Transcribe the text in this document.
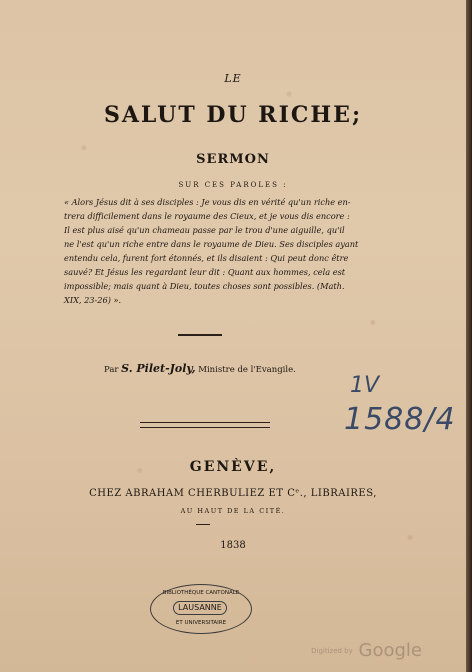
LE
SALUT DU RICHE;
SERMON
SUR CES PAROLES :
« Alors Jésus dit à ses disciples : Je vous dis en vérité qu'un riche en-
trera difficilement dans le royaume des Cieux, et je vous dis encore :
Il est plus aisé qu'un chameau passe par le trou d'une aiguille, qu'il
ne l'est qu'un riche entre dans le royaume de Dieu. Ses disciples ayant
entendu cela, furent fort étonnés, et ils disaient : Qui peut donc être
sauvé? Et Jésus les regardant leur dit : Quant aux hommes, cela est
impossible; mais quant à Dieu, toutes choses sont possibles. (Math.
XIX, 23-26) ».
Par S. Pilet-Joly, Ministre de l'Evangile.
GENÈVE,
CHEZ ABRAHAM CHERBULIEZ ET Cᵉ., LIBRAIRES,
AU HAUT DE LA CITÉ.
1838
1V
1588/4
BIBLIOTHÈQUE CANTONALE
LAUSANNE
ET UNIVERSITAIRE
Digitized by Google
